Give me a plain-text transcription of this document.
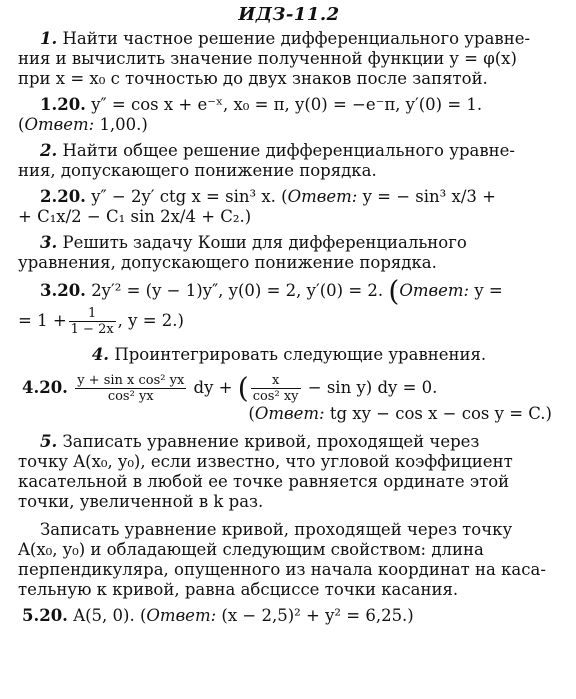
ИДЗ-11.2

1. Найти частное решение дифференциального уравне-

ния и вычислить значение полученной функции y = φ(x)

при x = x₀ с точностью до двух знаков после запятой.

1.20. y″ = cos x + e⁻ˣ, x₀ = π, y(0) = −e⁻π, y′(0) = 1.

(Ответ: 1,00.)

2. Найти общее решение дифференциального уравне-

ния, допускающего понижение порядка.

2.20. y″ − 2y′ ctg x = sin³ x. (Ответ: y = − sin³ x/3 +

+ C₁x/2 − C₁ sin 2x/4 + C₂.)

3. Решить задачу Коши для дифференциального

уравнения, допускающего понижение порядка.

3.20. 2y′² = (y − 1)y″, y(0) = 2, y′(0) = 2. (Ответ: y =

= $1 + \frac{1}{1 - 2x}$ , y = 2.)

4. Проинтегрировать следующие уравнения.

4.20. $\frac{\text{y + sin x cos² yx}}{\text{cos² yx}}$ dy + ( $\frac{x}{\text{cos² xy}} - \sin y$) dy = 0.

(Ответ: tg xy − cos x − cos y = C.)

5. Записать уравнение кривой, проходящей через

точку A(x₀, y₀), если известно, что угловой коэффициент

касательной в любой ее точке равняется ординате этой

точки, увеличенной в k раз.

Записать уравнение кривой, проходящей через точку

A(x₀, y₀) и обладающей следующим свойством: длина

перпендикуляра, опущенного из начала координат на каса-

тельную к кривой, равна абсциссе точки касания.

5.20. A(5, 0). (Ответ: (x − 2,5)² + y² = 6,25.)
